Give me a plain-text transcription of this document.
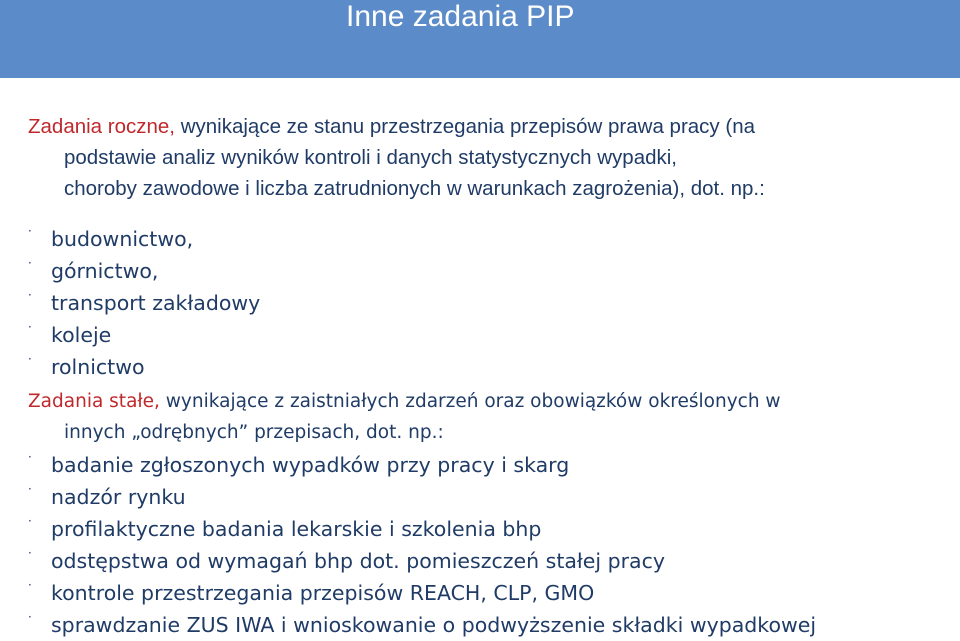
Inne zadania PIP
Zadania roczne, wynikające ze stanu przestrzegania przepisów prawa pracy (na
podstawie analiz wyników kontroli i danych statystycznych wypadki,
choroby zawodowe i liczba zatrudnionych w warunkach zagrożenia), dot. np.:
· budownictwo,
· górnictwo,
· transport zakładowy
· koleje
· rolnictwo
Zadania stałe, wynikające z zaistniałych zdarzeń oraz obowiązków określonych w
innych „odrębnych” przepisach, dot. np.:
· badanie zgłoszonych wypadków przy pracy i skarg
· nadzór rynku
· profilaktyczne badania lekarskie i szkolenia bhp
· odstępstwa od wymagań bhp dot. pomieszczeń stałej pracy
· kontrole przestrzegania przepisów REACH, CLP, GMO
· sprawdzanie ZUS IWA i wnioskowanie o podwyższenie składki wypadkowej
